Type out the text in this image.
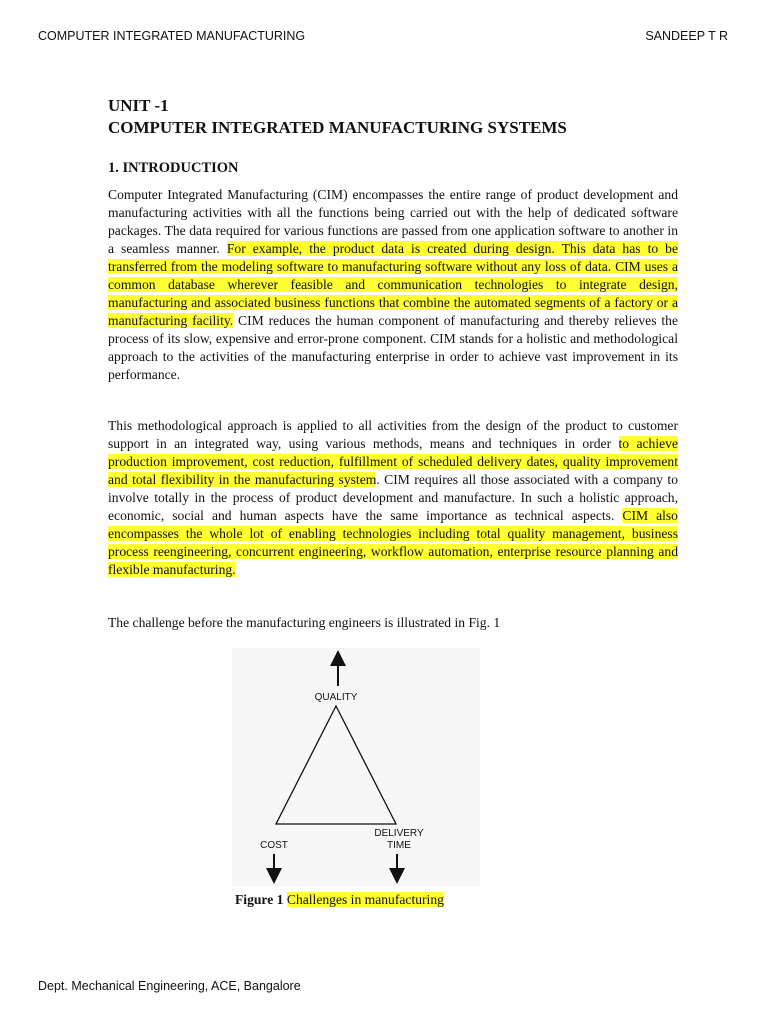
COMPUTER INTEGRATED MANUFACTURING	SANDEEP T R
UNIT -1
COMPUTER INTEGRATED MANUFACTURING SYSTEMS
1. INTRODUCTION

Computer Integrated Manufacturing (CIM) encompasses the entire range of product development and manufacturing activities with all the functions being carried out with the help of dedicated software packages. The data required for various functions are passed from one application software to another in a seamless manner. For example, the product data is created during design. This data has to be transferred from the modeling software to manufacturing software without any loss of data. CIM uses a common database wherever feasible and communication technologies to integrate design, manufacturing and associated business functions that combine the automated segments of a factory or a manufacturing facility. CIM reduces the human component of manufacturing and thereby relieves the process of its slow, expensive and error-prone component. CIM stands for a holistic and methodological approach to the activities of the manufacturing enterprise in order to achieve vast improvement in its performance.

This methodological approach is applied to all activities from the design of the product to customer support in an integrated way, using various methods, means and techniques in order to achieve production improvement, cost reduction, fulfillment of scheduled delivery dates, quality improvement and total flexibility in the manufacturing system. CIM requires all those associated with a company to involve totally in the process of product development and manufacture. In such a holistic approach, economic, social and human aspects have the same importance as technical aspects. CIM also encompasses the whole lot of enabling technologies including total quality management, business process reengineering, concurrent engineering, workflow automation, enterprise resource planning and flexible manufacturing.

The challenge before the manufacturing engineers is illustrated in Fig. 1

QUALITY
COST
DELIVERY
TIME

Figure 1 Challenges in manufacturing

Dept. Mechanical Engineering, ACE, Bangalore
